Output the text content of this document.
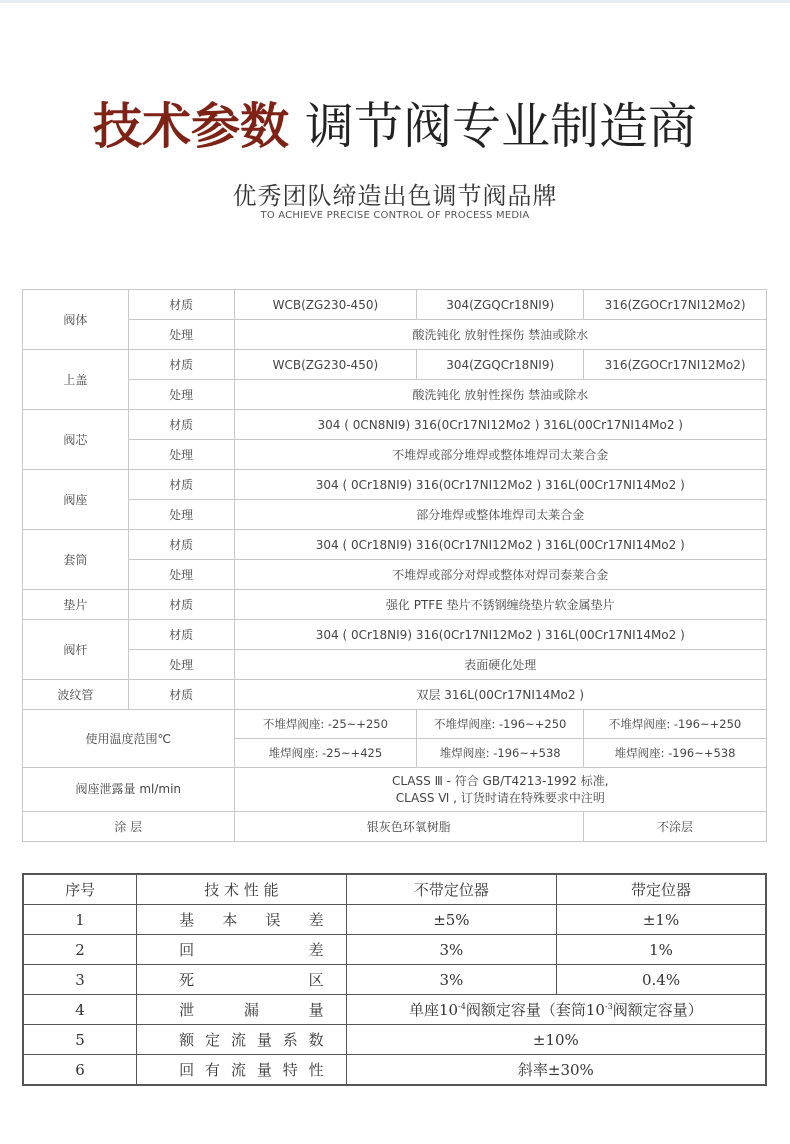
技术参数 调节阀专业制造商
优秀团队缔造出色调节阀品牌
TO ACHIEVE PRECISE CONTROL OF PROCESS MEDIA
阀体	材质	WCB(ZG230-450)	304(ZGQCr18NI9)	316(ZGOCr17NI12Mo2)
	处理	酸洗钝化 放射性探伤 禁油或除水		
上盖	材质	WCB(ZG230-450)	304(ZGQCr18NI9)	316(ZGOCr17NI12Mo2)
	处理	酸洗钝化 放射性探伤 禁油或除水		
阀芯	材质	304 ( 0CN8NI9) 316(0Cr17NI12Mo2 ) 316L(00Cr17NI14Mo2 )		
	处理	不堆焊或部分堆焊或整体堆焊司太莱合金		
阀座	材质	304 ( 0Cr18NI9) 316(0Cr17NI12Mo2 ) 316L(00Cr17NI14Mo2 )		
	处理	部分堆焊或整体堆焊司太莱合金		
套筒	材质	304 ( 0Cr18NI9) 316(0Cr17NI12Mo2 ) 316L(00Cr17NI14Mo2 )		
	处理	不堆焊或部分对焊或整体对焊司泰莱合金		
垫片	材质	强化 PTFE 垫片不锈钢缠绕垫片软金属垫片		
阀杆	材质	304 ( 0Cr18NI9) 316(0Cr17NI12Mo2 ) 316L(00Cr17NI14Mo2 )		
	处理	表面硬化处理		
波纹管	材质	双层 316L(00Cr17NI14Mo2 )		
使用温度范围℃		不堆焊阀座: -25~+250	不堆焊阀座: -196~+250	不堆焊阀座: -196~+250
		堆焊阀座: -25~+425	堆焊阀座: -196~+538	堆焊阀座: -196~+538
阀座泄露量 ml/min		CLASS Ⅲ - 符合 GB/T4213-1992 标准,
CLASS Ⅵ , 订货时请在特殊要求中注明		

涂 层		银灰色环氧树脂		不涂层
序号	技 术 性 能	不带定位器	带定位器
1	基本误差	±5%	±1%
2	回差	3%	1%
3	死区	3%	0.4%
4	泄漏量	单座$10^{-4}$阀额定容量（套筒$10^{-3}$阀额定容量）	
5	额定流量系数	±10%	
6	回有流量特性	斜率±30%	
